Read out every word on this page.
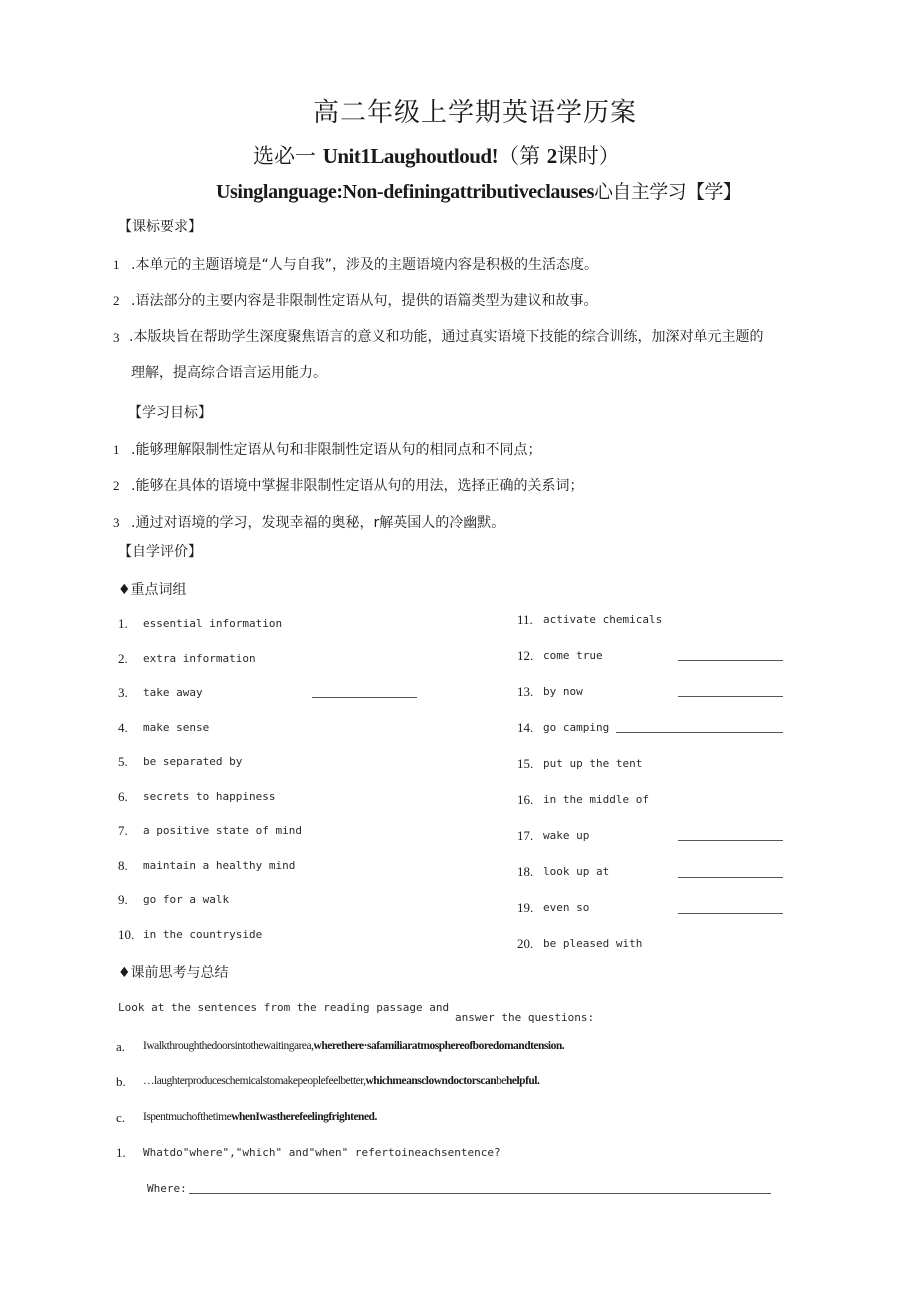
高二年级上学期英语学历案
选必一 Unit1Laughoutloud!（第 2课时）
Usinglanguage:Non-definingattributiveclauses心自主学习【学】
【课标要求】
1 .本单元的主题语境是“人与自我”，涉及的主题语境内容是积极的生活态度。
2 .语法部分的主要内容是非限制性定语从句，提供的语篇类型为建议和故事。
3 .本版块旨在帮助学生深度聚焦语言的意义和功能，通过真实语境下技能的综合训练，加深对单元主题的
理解，提高综合语言运用能力。
【学习目标】
1 .能够理解限制性定语从句和非限制性定语从句的相同点和不同点；
2 .能够在具体的语境中掌握非限制性定语从句的用法，选择正确的关系词；
3 .通过对语境的学习，发现幸福的奥秘，r解英国人的冷幽默。
【自学评价】
♦重点词组
1. essential information
2. extra information
3. take away
4. make sense
5. be separated by
6. secrets to happiness
7. a positive state of mind
8. maintain a healthy mind
9. go for a walk
10. in the countryside
11. activate chemicals
12. come true
13. by now
14. go camping
15. put up the tent
16. in the middle of
17. wake up
18. look up at
19. even so
20. be pleased with
♦课前思考与总结
Look at the sentences from the reading passage and
answer the questions:
a. Iwalkthroughthedoorsintothewaitingarea,wherethere·safamiliaratmosphereofboredomandtension.
b. …laughterproduceschemicalstomakepeoplefeelbetter,whichmeansclowndoctorscanbehelpful.
c. IspentmuchofthetimewhenIwastherefeelingfrightened.
1. Whatdo"where","which" and"when" refertoineachsentence?
Where:
